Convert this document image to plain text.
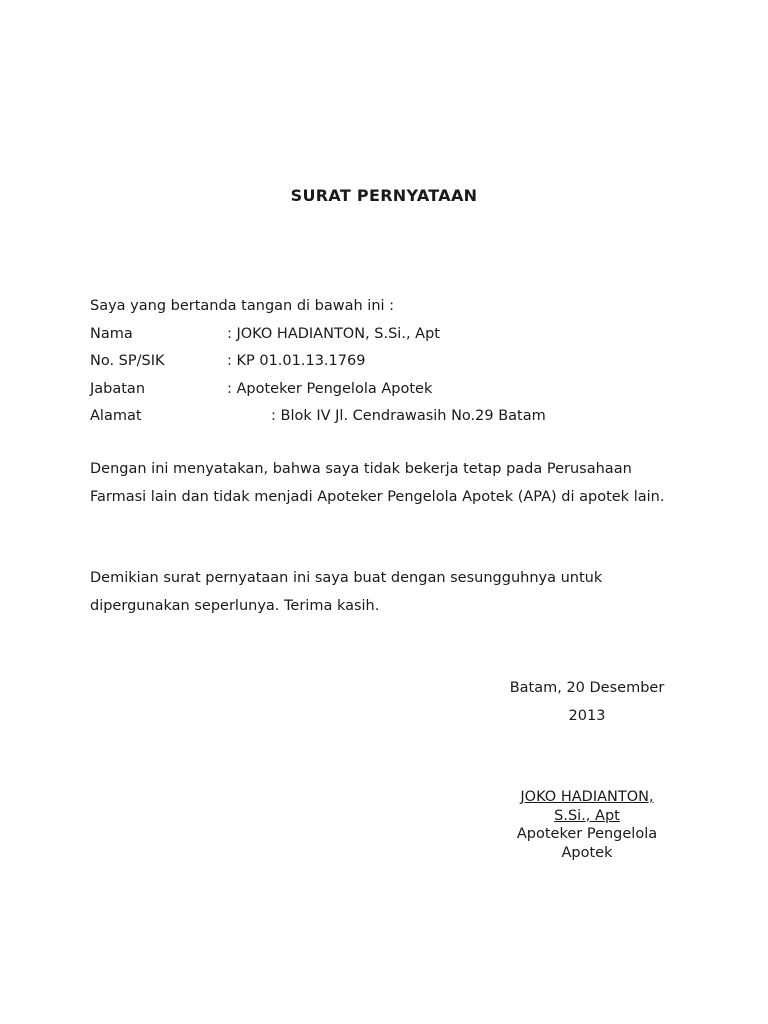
SURAT PERNYATAAN
Saya yang bertanda tangan di bawah ini :
Nama	: JOKO HADIANTON, S.Si., Apt
No. SP/SIK	: KP 01.01.13.1769
Jabatan	: Apoteker Pengelola Apotek
Alamat	: Blok IV Jl. Cendrawasih No.29 Batam
Dengan ini menyatakan, bahwa saya tidak bekerja tetap pada Perusahaan Farmasi lain dan tidak menjadi Apoteker Pengelola Apotek (APA) di apotek lain.
Demikian surat pernyataan ini saya buat dengan sesungguhnya untuk dipergunakan seperlunya. Terima kasih.
Batam, 20 Desember 2013
JOKO HADIANTON, S.Si., Apt
Apoteker Pengelola Apotek
